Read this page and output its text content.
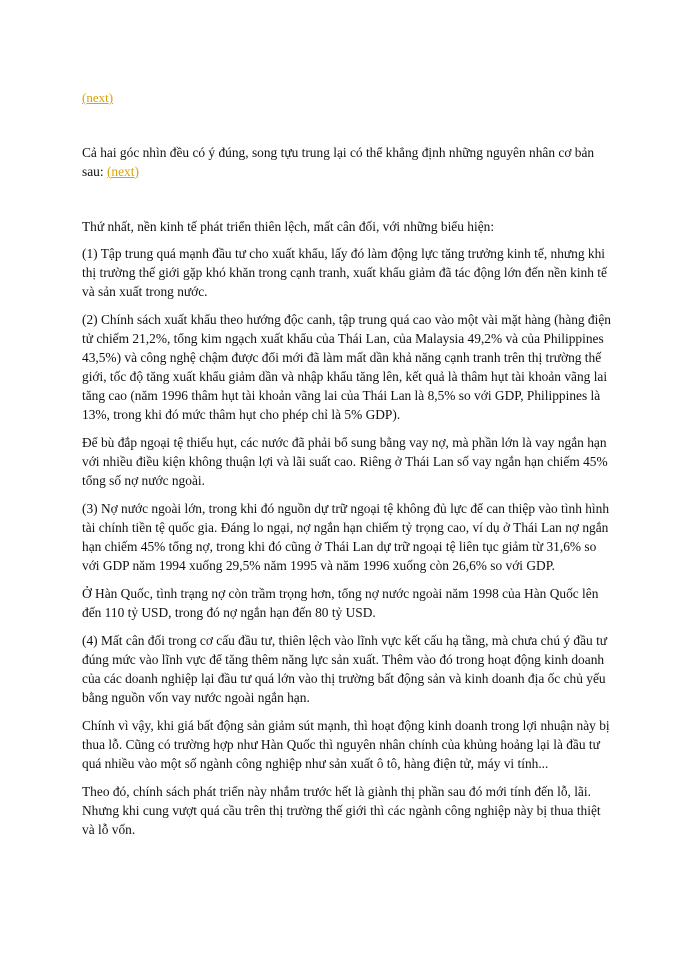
(next)

Cả hai góc nhìn đều có ý đúng, song tựu trung lại có thể khẳng định những nguyên nhân cơ bản sau: (next)

Thứ nhất, nền kinh tế phát triển thiên lệch, mất cân đối, với những biểu hiện:

(1) Tập trung quá mạnh đầu tư cho xuất khẩu, lấy đó làm động lực tăng trưởng kinh tế, nhưng khi thị trường thế giới gặp khó khăn trong cạnh tranh, xuất khẩu giảm đã tác động lớn đến nền kinh tế và sản xuất trong nước.

(2) Chính sách xuất khẩu theo hướng độc canh, tập trung quá cao vào một vài mặt hàng (hàng điện tử chiếm 21,2%, tổng kim ngạch xuất khẩu của Thái Lan, của Malaysia 49,2% và của Philippines 43,5%) và công nghệ chậm được đổi mới đã làm mất dần khả năng cạnh tranh trên thị trường thế giới, tốc độ tăng xuất khẩu giảm dần và nhập khẩu tăng lên, kết quả là thâm hụt tài khoản vãng lai tăng cao (năm 1996 thâm hụt tài khoản vãng lai của Thái Lan là 8,5% so với GDP, Philippines là 13%, trong khi đó mức thâm hụt cho phép chỉ là 5% GDP).

Để bù đắp ngoại tệ thiếu hụt, các nước đã phải bổ sung bằng vay nợ, mà phần lớn là vay ngắn hạn với nhiều điều kiện không thuận lợi và lãi suất cao. Riêng ở Thái Lan số vay ngắn hạn chiếm 45% tổng số nợ nước ngoài.

(3) Nợ nước ngoài lớn, trong khi đó nguồn dự trữ ngoại tệ không đủ lực để can thiệp vào tình hình tài chính tiền tệ quốc gia. Đáng lo ngại, nợ ngắn hạn chiếm tỷ trọng cao, ví dụ ở Thái Lan nợ ngắn hạn chiếm 45% tổng nợ, trong khi đó cũng ở Thái Lan dự trữ ngoại tệ liên tục giảm từ 31,6% so với GDP năm 1994 xuống 29,5% năm 1995 và năm 1996 xuống còn 26,6% so với GDP.

Ở Hàn Quốc, tình trạng nợ còn trầm trọng hơn, tổng nợ nước ngoài năm 1998 của Hàn Quốc lên đến 110 tỷ USD, trong đó nợ ngắn hạn đến 80 tỷ USD.

(4) Mất cân đối trong cơ cấu đầu tư, thiên lệch vào lĩnh vực kết cấu hạ tầng, mà chưa chú ý đầu tư đúng mức vào lĩnh vực để tăng thêm năng lực sản xuất. Thêm vào đó trong hoạt động kinh doanh của các doanh nghiệp lại đầu tư quá lớn vào thị trường bất động sản và kinh doanh địa ốc chủ yếu bằng nguồn vốn vay nước ngoài ngắn hạn.

Chính vì vậy, khi giá bất động sản giảm sút mạnh, thì hoạt động kinh doanh trong lợi nhuận này bị thua lỗ. Cũng có trường hợp như Hàn Quốc thì nguyên nhân chính của khủng hoảng lại là đầu tư quá nhiều vào một số ngành công nghiệp như sản xuất ô tô, hàng điện tử, máy vi tính...

Theo đó, chính sách phát triển này nhắm trước hết là giành thị phần sau đó mới tính đến lỗ, lãi. Nhưng khi cung vượt quá cầu trên thị trường thế giới thì các ngành công nghiệp này bị thua thiệt và lỗ vốn.
